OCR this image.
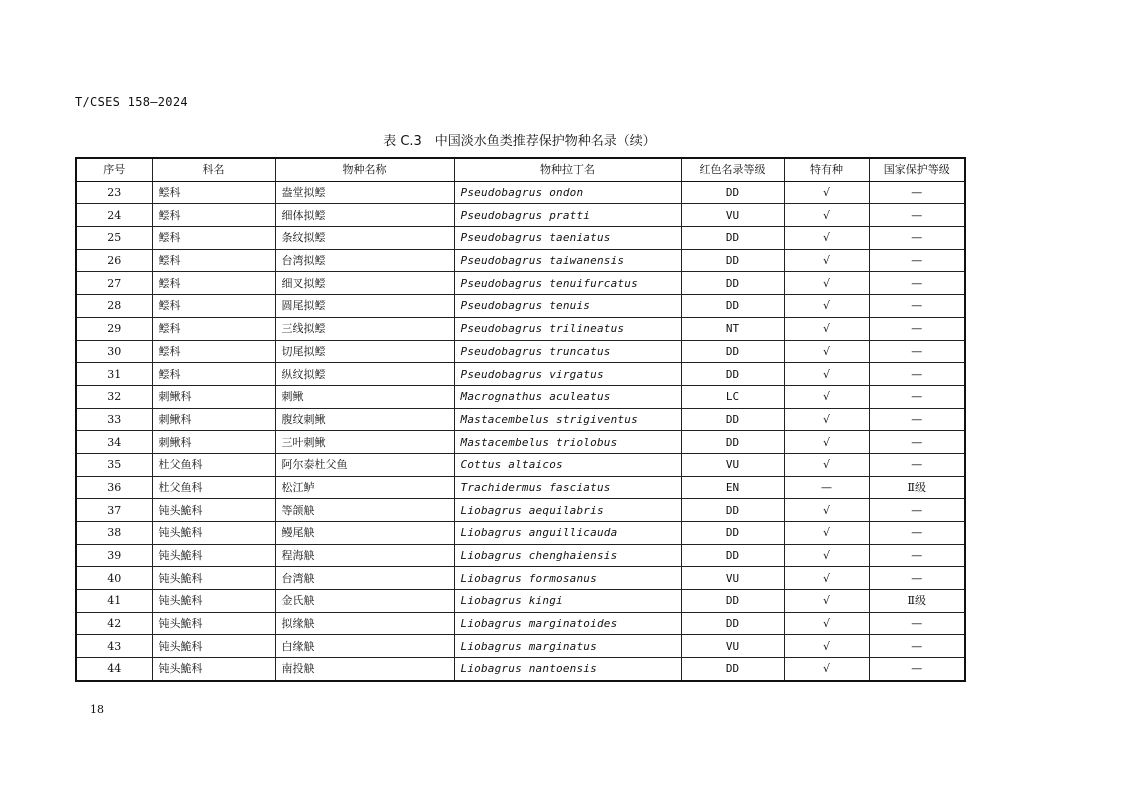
T/CSES 158—2024
表 C.3　中国淡水鱼类推荐保护物种名录（续）
序号	科名	物种名称	物种拉丁名	红色名录等级	特有种	国家保护等级
23	鲿科	盎堂拟鲿	Pseudobagrus ondon	DD	√	—
24	鲿科	细体拟鲿	Pseudobagrus pratti	VU	√	—
25	鲿科	条纹拟鲿	Pseudobagrus taeniatus	DD	√	—
26	鲿科	台湾拟鲿	Pseudobagrus taiwanensis	DD	√	—
27	鲿科	细叉拟鲿	Pseudobagrus tenuifurcatus	DD	√	—
28	鲿科	圆尾拟鲿	Pseudobagrus tenuis	DD	√	—
29	鲿科	三线拟鲿	Pseudobagrus trilineatus	NT	√	—
30	鲿科	切尾拟鲿	Pseudobagrus truncatus	DD	√	—
31	鲿科	纵纹拟鲿	Pseudobagrus virgatus	DD	√	—
32	刺鳅科	刺鳅	Macrognathus aculeatus	LC	√	—
33	刺鳅科	腹纹刺鳅	Mastacembelus strigiventus	DD	√	—
34	刺鳅科	三叶刺鳅	Mastacembelus triolobus	DD	√	—
35	杜父鱼科	阿尔泰杜父鱼	Cottus altaicos	VU	√	—
36	杜父鱼科	松江鲈	Trachidermus fasciatus	EN	—	Ⅱ级
37	钝头鮠科	等颌觖	Liobagrus aequilabris	DD	√	—
38	钝头鮠科	鳗尾觖	Liobagrus anguillicauda	DD	√	—
39	钝头鮠科	程海觖	Liobagrus chenghaiensis	DD	√	—
40	钝头鮠科	台湾觖	Liobagrus formosanus	VU	√	—
41	钝头鮠科	金氏觖	Liobagrus kingi	DD	√	Ⅱ级
42	钝头鮠科	拟缘觖	Liobagrus marginatoides	DD	√	—
43	钝头鮠科	白缘觖	Liobagrus marginatus	VU	√	—
44	钝头鮠科	南投觖	Liobagrus nantoensis	DD	√	—
18
